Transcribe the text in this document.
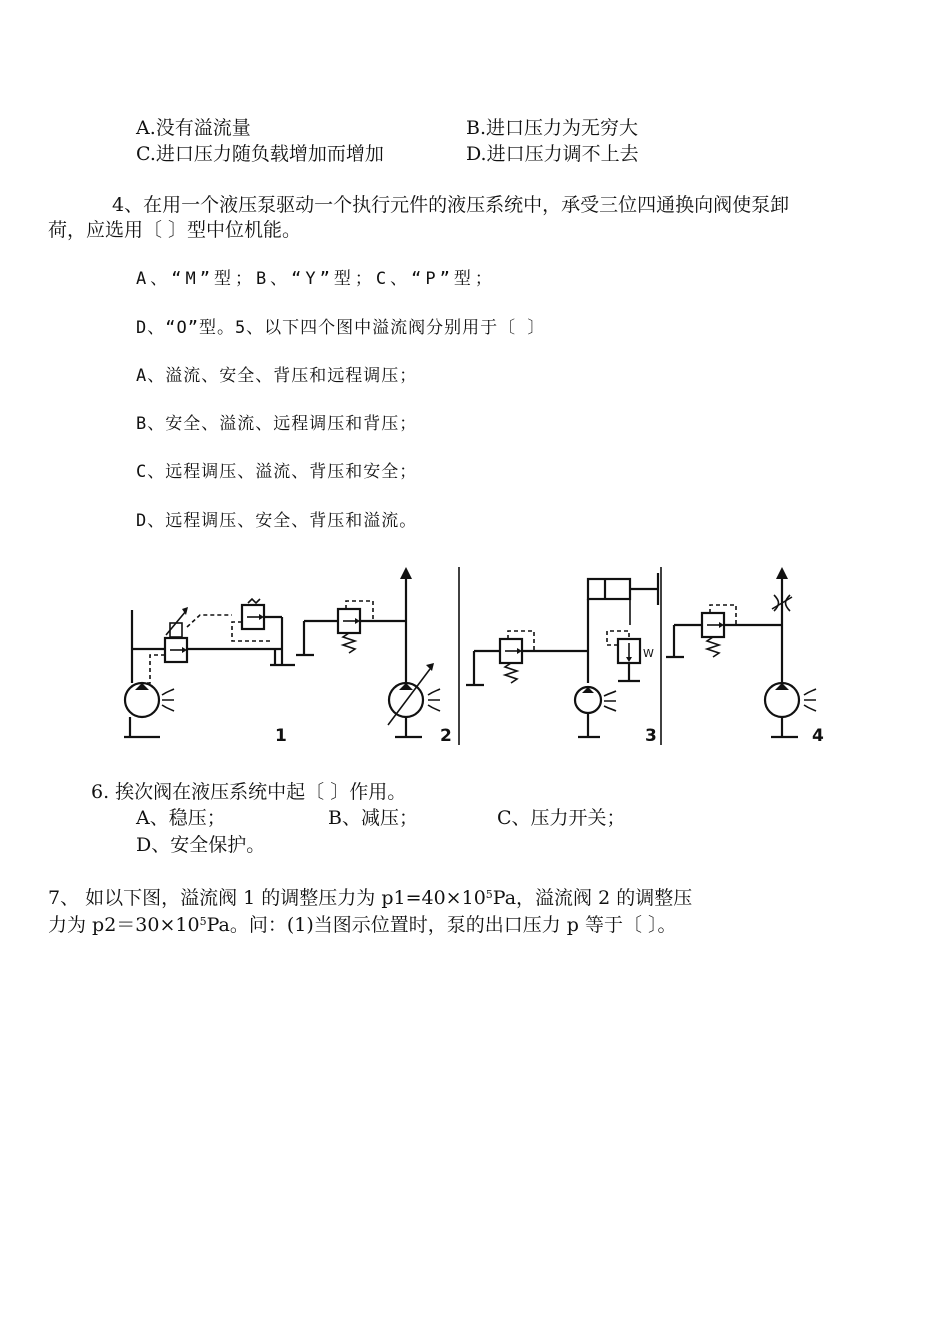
A.没有溢流量	B.进口压力为无穷大
C.进口压力随负载增加而增加	D.进口压力调不上去
4、在用一个液压泵驱动一个执行元件的液压系统中，承受三位四通换向阀使泵卸
荷，应选用〔 〕型中位机能。
A、“M”型；B、“Y”型；C、“P”型；
D、“O”型。5、以下四个图中溢流阀分别用于〔 〕
A、溢流、安全、背压和远程调压；
B、安全、溢流、远程调压和背压；
C、远程调压、溢流、背压和安全；
D、远程调压、安全、背压和溢流。
1	2
W
3	4
6. 挨次阀在液压系统中起〔 〕作用。
A、稳压；	B、减压；	C、压力开关；
D、安全保护。
7、 如以下图，溢流阀 1 的调整压力为 $p1=40\times 10^5Pa$，溢流阀 2 的调整压
力为 $p2=30\times 10^5Pa$。问：(1)当图示位置时，泵的出口压力 p 等于〔 〕。
